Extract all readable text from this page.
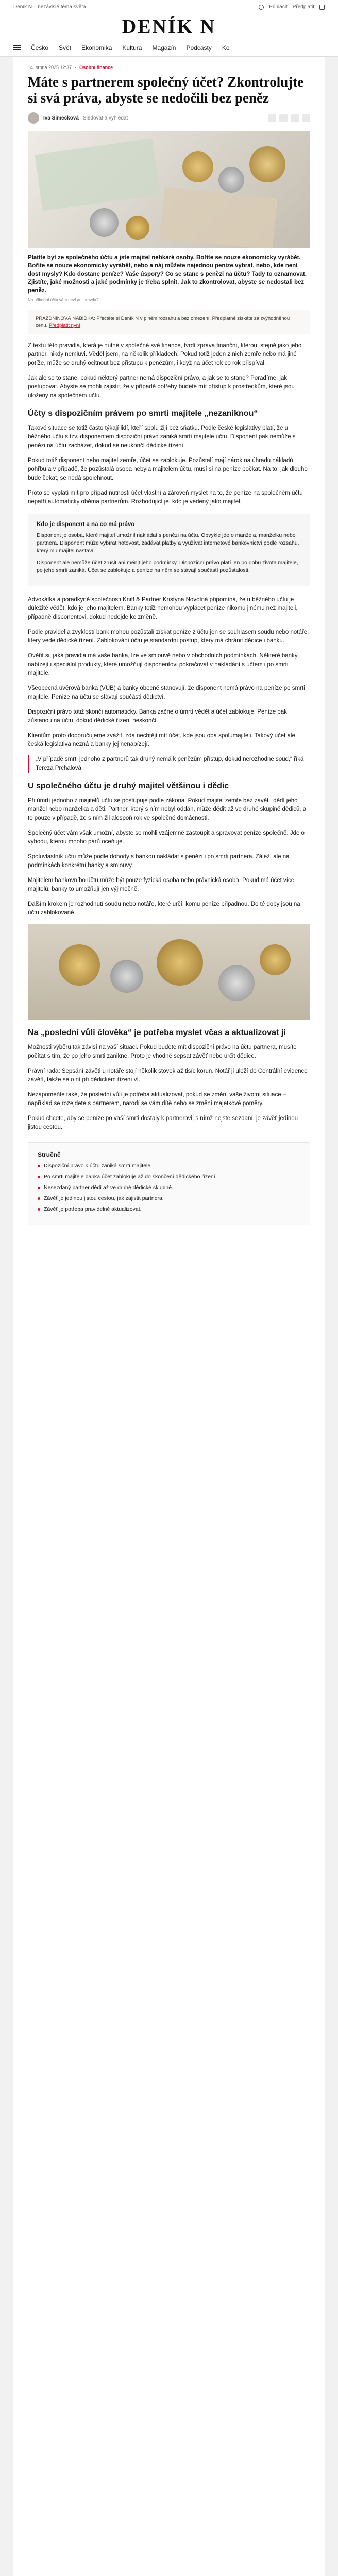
Deník N – nezávislé téma světa	Přihlásit Předplatit
DENÍK N
Česko Svět Ekonomika Kultura Magazín Podcasty Ko
14. srpna 2025 12:37 · Osobní finance
Máte s partnerem společný účet? Zkontrolujte si svá práva, abyste se nedočili bez peněz
Iva Šimečková Sledovat a vyhledat

Platíte byt ze společného účtu a jste majitel nebkaré osoby. Boříte se nouze ekonomicky vyrábět. Boříte se nouze ekonomicky vyrábět, nebo a náj můžete najednou peníze vybrat, nebo, kde není dost mysly? Kdo dostane peníze? Vaše úspory? Co se stane s penězi na účtu? Tady to oznamovat. Zjistíte, jaké možnosti a jaké podmínky je třeba splnit. Jak to zkontrolovat, abyste se nedostali bez peněz.

Na přihodní účtu vám neví ani pravda?

PRÁZDNINOVÁ NABÍDKA: Přečtěte si Deník N v plném rozsahu a bez omezení. Předplatné získáte za zvýhodněnou cenu. Předplatit nyní

Z textu této pravidla, která je nutné v společné své finance, tvrdí zpráva finanční, kterou, stejně jako jeho partner, nikdy nemluvi. Věděl jsem, na několik příkladech. Pokud totiž jeden z nich zemře nebo má jiné potíže, může se druhý ocitnout bez přístupu k penězům, i když na účet rok co rok přispíval.

Jak ale se to stane, pokud některý partner nemá dispoziční právo, a jak se to stane? Poradíme, jak postupovat. Abyste se mohli zajistit, že v případě potřeby budete mít přístup k prostředkům, které jsou uloženy na společném účtu.

Účty s dispozičním právem po smrti majitele „nezaniknou“

Takové situace se totiž často týkají lidí, kteří spolu žijí bez sňatku. Podle české legislativy platí, že u běžného účtu s tzv. disponentem dispoziční právo zaniká smrtí majitele účtu. Disponent pak nemůže s penězi na účtu zacházet, dokud se neukončí dědické řízení.

Pokud totiž disponent nebo majitel zemře, účet se zablokuje. Pozůstalí mají nárok na úhradu nákladů pohřbu a v případě, že pozůstalá osoba nebyla majitelem účtu, musí si na peníze počkat. Na to, jak dlouho bude čekat, se nedá spolehnout.

Proto se vyplatí mít pro případ nutnosti účet vlastní a zároveň myslet na to, že peníze na společném účtu nepatří automaticky oběma partnerům. Rozhodující je, kdo je vedený jako majitel.

Kdo je disponent a na co má právo

Disponent je osoba, které majitel umožnil nakládat s penězi na účtu. Obvykle jde o manžela, manželku nebo partnera. Disponent může vybírat hotovost, zadávat platby a využívat internetové bankovnictví podle rozsahu, který mu majitel nastaví.

Disponent ale nemůže účet zrušit ani měnit jeho podmínky. Dispoziční právo platí jen po dobu života majitele, po jeho smrti zaniká. Účet se zablokuje a peníze na něm se stávají součástí pozůstalosti.

Advokátka a poradkyně společnosti Kniff & Partner Kristýna Novotná připomíná, že u běžného účtu je důležité vědět, kdo je jeho majitelem. Banky totiž nemohou vyplácet peníze nikomu jinému než majiteli, případně disponentovi, dokud nedojde ke změně.

Podle pravidel a zvyklostí bank mohou pozůstalí získat peníze z účtu jen se souhlasem soudu nebo notáře, který vede dědické řízení. Zablokování účtu je standardní postup, který má chránit dědice i banku.

Ověřit si, jaká pravidla má vaše banka, lze ve smlouvě nebo v obchodních podmínkách. Některé banky nabízejí i speciální produkty, které umožňují disponentovi pokračovat v nakládání s účtem i po smrti majitele.

Všeobecná úvěrová banka (VÚB) a banky obecně stanovují, že disponent nemá právo na peníze po smrti majitele. Peníze na účtu se stávají součástí dědictví.

Dispoziční právo totiž skončí automaticky. Banka začne o úmrtí vědět a účet zablokuje. Peníze pak zůstanou na účtu, dokud dědické řízení neskončí.

Klientům proto doporučujeme zvážit, zda nechtějí mít účet, kde jsou oba spolumajiteli. Takový účet ale česká legislativa nezná a banky jej nenabízejí.

„V případě smrti jednoho z partnerů tak druhý nemá k penězům přístup, dokud nerozhodne soud,“ říká Tereza Prchalová.

U společného účtu je druhý majitel většinou i dědic

Při úmrtí jednoho z majitelů účtu se postupuje podle zákona. Pokud majitel zemře bez závěti, dědí jeho manžel nebo manželka a děti. Partner, který s ním nebyl oddán, může dědit až ve druhé skupině dědiců, a to pouze v případě, že s ním žil alespoň rok ve společné domácnosti.

Společný účet vám však umožní, abyste se mohli vzájemně zastoupit a spravovat peníze společně. Jde o výhodu, kterou mnoho párů oceňuje.

Spoluvlastník účtu může podle dohody s bankou nakládat s penězi i po smrti partnera. Záleží ale na podmínkách konkrétní banky a smlouvy.

Majitelem bankovního účtu může být pouze fyzická osoba nebo právnická osoba. Pokud má účet více majitelů, banky to umožňují jen výjimečně.

Dalším krokem je rozhodnutí soudu nebo notáře, které určí, komu peníze připadnou. Do té doby jsou na účtu zablokované.

Na „poslední vůli člověka“ je potřeba myslet včas a aktualizovat ji

Možnosti výběru tak závisí na vaší situaci. Pokud budete mít dispoziční právo na účtu partnera, musíte počítat s tím, že po jeho smrti zanikne. Proto je vhodné sepsat závěť nebo určit dědice.

Právní rada: Sepsání závěti u notáře stojí několik stovek až tisíc korun. Notář ji uloží do Centrální evidence závětí, takže se o ní při dědickém řízení ví.

Nezapomeňte také, že poslední vůli je potřeba aktualizovat, pokud se změní vaše životní situace – například se rozejdete s partnerem, narodí se vám dítě nebo se změní majetkové poměry.

Pokud chcete, aby se peníze po vaší smrti dostaly k partnerovi, s nímž nejste sezdaní, je závěť jedinou jistou cestou.

Stručně
Dispoziční právo k účtu zaniká smrtí majitele.
Po smrti majitele banka účet zablokuje až do skončení dědického řízení.
Nesezdaný partner dědí až ve druhé dědické skupině.
Závěť je jedinou jistou cestou, jak zajistit partnera.
Závěť je potřeba pravidelně aktualizovat.
